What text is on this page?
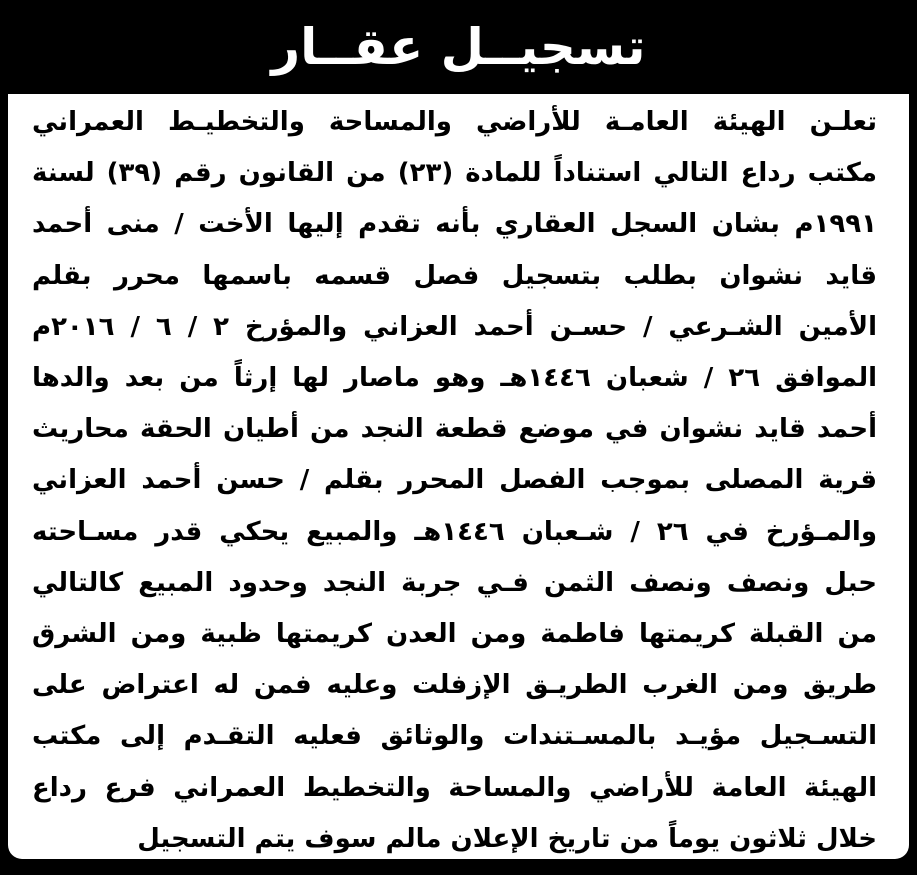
تسجيــل عقــار
تعلـن الهيئة العامـة للأراضي والمساحة والتخطيـط العمراني
مكتب رداع التالي استناداً للمادة (٢٣) من القانون رقم (٣٩) لسنة
١٩٩١م بشان السجل العقاري بأنه تقدم إليها الأخت / منى أحمد
قايد نشوان بطلب بتسجيل فصل قسمه باسمها محرر بقلم
الأمين الشـرعي / حسـن أحمد العزاني والمؤرخ ٢ / ٦ / ٢٠١٦م
الموافق ٢٦ / شعبان ١٤٤٦هـ وهو ماصار لها إرثاً من بعد والدها
أحمد قايد نشوان في موضع قطعة النجد من أطيان الحقة محاريث
قرية المصلى بموجب الفصل المحرر بقلم / حسن أحمد العزاني
والمـؤرخ في ٢٦ / شـعبان ١٤٤٦هـ والمبيع يحكي قدر مسـاحته
حبل ونصف ونصف الثمن فـي جربة النجد وحدود المبيع كالتالي
من القبلة كريمتها فاطمة ومن العدن كريمتها ظبية ومن الشرق
طريق ومن الغرب الطريـق الإزفلت وعليه فمن له اعتراض على
التسـجيل مؤيـد بالمسـتندات والوثائق فعليه التقـدم إلى مكتب
الهيئة العامة للأراضي والمساحة والتخطيط العمراني فرع رداع
خلال ثلاثون يوماً من تاريخ الإعلان مالم سوف يتم التسجيل
